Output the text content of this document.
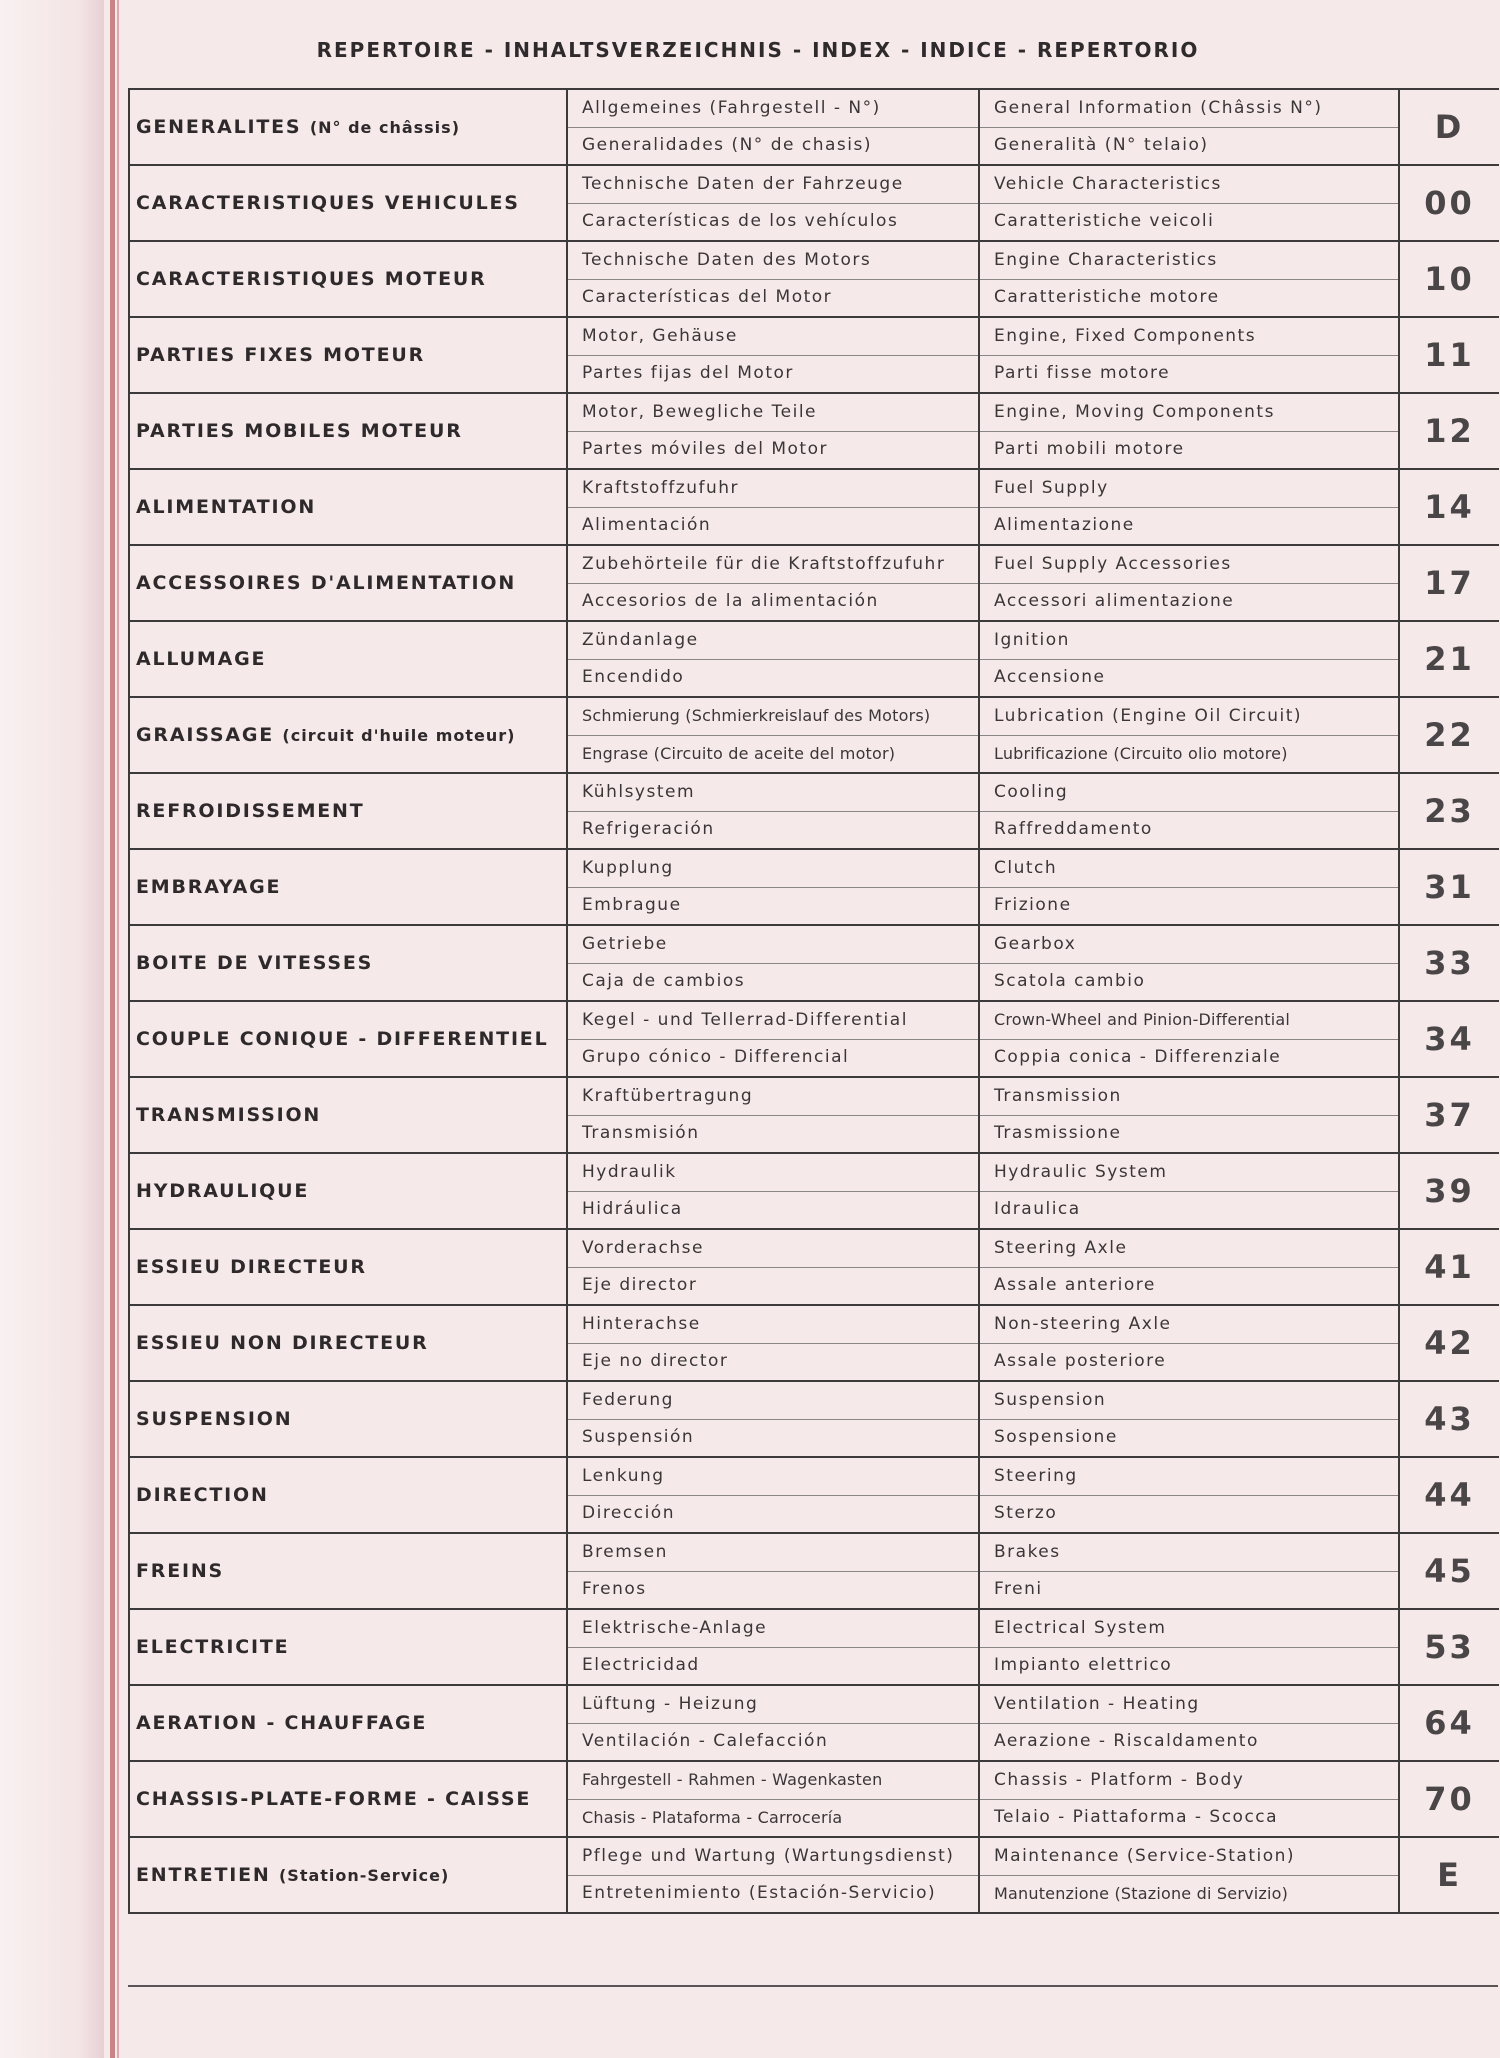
REPERTOIRE - INHALTSVERZEICHNIS - INDEX - INDICE - REPERTORIO
GENERALITES (N° de châssis)	Allgemeines (Fahrgestell - N°)	General Information (Châssis N°)	D
	Generalidades (N° de chasis)	Generalità (N° telaio)	
CARACTERISTIQUES VEHICULES	Technische Daten der Fahrzeuge	Vehicle Characteristics	00
	Características de los vehículos	Caratteristiche veicoli	
CARACTERISTIQUES MOTEUR	Technische Daten des Motors	Engine Characteristics	10
	Características del Motor	Caratteristiche motore	
PARTIES FIXES MOTEUR	Motor, Gehäuse	Engine, Fixed Components	11
	Partes fijas del Motor	Parti fisse motore	
PARTIES MOBILES MOTEUR	Motor, Bewegliche Teile	Engine, Moving Components	12
	Partes móviles del Motor	Parti mobili motore	
ALIMENTATION	Kraftstoffzufuhr	Fuel Supply	14
	Alimentación	Alimentazione	
ACCESSOIRES D'ALIMENTATION	Zubehörteile für die Kraftstoffzufuhr	Fuel Supply Accessories	17
	Accesorios de la alimentación	Accessori alimentazione	
ALLUMAGE	Zündanlage	Ignition	21
	Encendido	Accensione	
GRAISSAGE (circuit d'huile moteur)	Schmierung (Schmierkreislauf des Motors)	Lubrication (Engine Oil Circuit)	22
	Engrase (Circuito de aceite del motor)	Lubrificazione (Circuito olio motore)	
REFROIDISSEMENT	Kühlsystem	Cooling	23
	Refrigeración	Raffreddamento	
EMBRAYAGE	Kupplung	Clutch	31
	Embrague	Frizione	
BOITE DE VITESSES	Getriebe	Gearbox	33
	Caja de cambios	Scatola cambio	
COUPLE CONIQUE - DIFFERENTIEL	Kegel - und Tellerrad-Differential	Crown-Wheel and Pinion-Differential	34
	Grupo cónico - Differencial	Coppia conica - Differenziale	
TRANSMISSION	Kraftübertragung	Transmission	37
	Transmisión	Trasmissione	
HYDRAULIQUE	Hydraulik	Hydraulic System	39
	Hidráulica	Idraulica	
ESSIEU DIRECTEUR	Vorderachse	Steering Axle	41
	Eje director	Assale anteriore	
ESSIEU NON DIRECTEUR	Hinterachse	Non-steering Axle	42
	Eje no director	Assale posteriore	
SUSPENSION	Federung	Suspension	43
	Suspensión	Sospensione	
DIRECTION	Lenkung	Steering	44
	Dirección	Sterzo	
FREINS	Bremsen	Brakes	45
	Frenos	Freni	
ELECTRICITE	Elektrische-Anlage	Electrical System	53
	Electricidad	Impianto elettrico	
AERATION - CHAUFFAGE	Lüftung - Heizung	Ventilation - Heating	64
	Ventilación - Calefacción	Aerazione - Riscaldamento	
CHASSIS-PLATE-FORME - CAISSE	Fahrgestell - Rahmen - Wagenkasten	Chassis - Platform - Body	70
	Chasis - Plataforma - Carrocería	Telaio - Piattaforma - Scocca	
ENTRETIEN (Station-Service)	Pflege und Wartung (Wartungsdienst)	Maintenance (Service-Station)	E
	Entretenimiento (Estación-Servicio)	Manutenzione (Stazione di Servizio)	
